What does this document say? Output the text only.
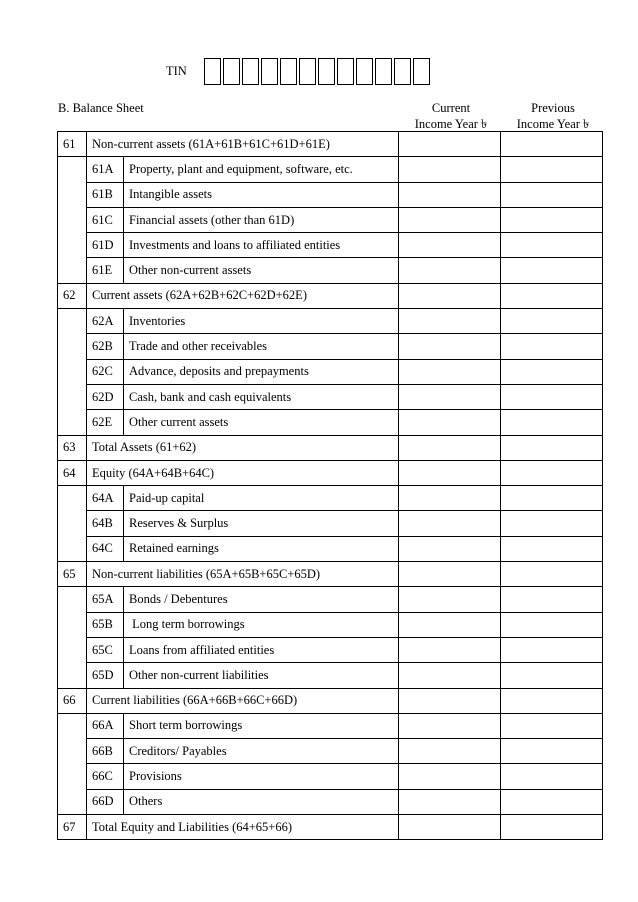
TIN
B. Balance Sheet	Current
Income Year ৳
Previous
Income Year ৳
61	Non-current assets (61A+61B+61C+61D+61E)			
	61A	Property, plant and equipment, software, etc.		
	61B	Intangible assets		
	61C	Financial assets (other than 61D)		
	61D	Investments and loans to affiliated entities		
	61E	Other non-current assets		
62	Current assets (62A+62B+62C+62D+62E)			
	62A	Inventories		
	62B	Trade and other receivables		
	62C	Advance, deposits and prepayments		
	62D	Cash, bank and cash equivalents		
	62E	Other current assets		
63	Total Assets (61+62)			
64	Equity (64A+64B+64C)			
	64A	Paid-up capital		
	64B	Reserves & Surplus		
	64C	Retained earnings		
65	Non-current liabilities (65A+65B+65C+65D)			
	65A	Bonds / Debentures		
	65B	Long term borrowings		
	65C	Loans from affiliated entities		
	65D	Other non-current liabilities		
66	Current liabilities (66A+66B+66C+66D)			
	66A	Short term borrowings		
	66B	Creditors/ Payables		
	66C	Provisions		
	66D	Others		
67	Total Equity and Liabilities (64+65+66)			
